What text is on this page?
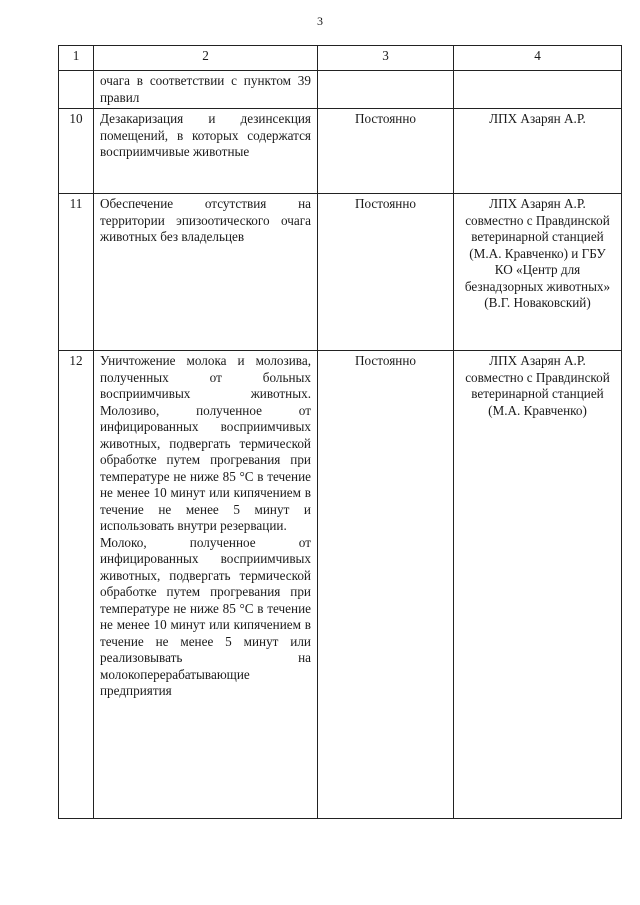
3
1	2	3	4

	очага в соответствии с пунктом 39 правил		

10	Дезакаризация и дезинсекция помещений, в которых содержатся восприимчивые животные	Постоянно	ЛПХ Азарян А.Р.
11	Обеспечение отсутствия на территории эпизоотического очага животных без владельцев	Постоянно	ЛПХ Азарян А.Р. совместно с Правдинской ветеринарной станцией (М.А. Кравченко) и ГБУ КО «Центр для безнадзорных животных» (В.Г. Новаковский)
12	Уничтожение молока и молозива, полученных от больных восприимчивых животных. Молозиво, полученное от инфицированных восприимчивых животных, подвергать термической обработке путем прогревания при температуре не ниже 85 °С в течение не менее 10 минут или кипячением в течение не менее 5 минут и использовать внутри резервации.
Молоко, полученное от инфицированных восприимчивых животных, подвергать термической обработке путем прогревания при температуре не ниже 85 °С в течение не менее 10 минут или кипячением в течение не менее 5 минут или реализовывать на молокоперерабатывающие предприятия	Постоянно	ЛПХ Азарян А.Р. совместно с Правдинской ветеринарной станцией (М.А. Кравченко)
